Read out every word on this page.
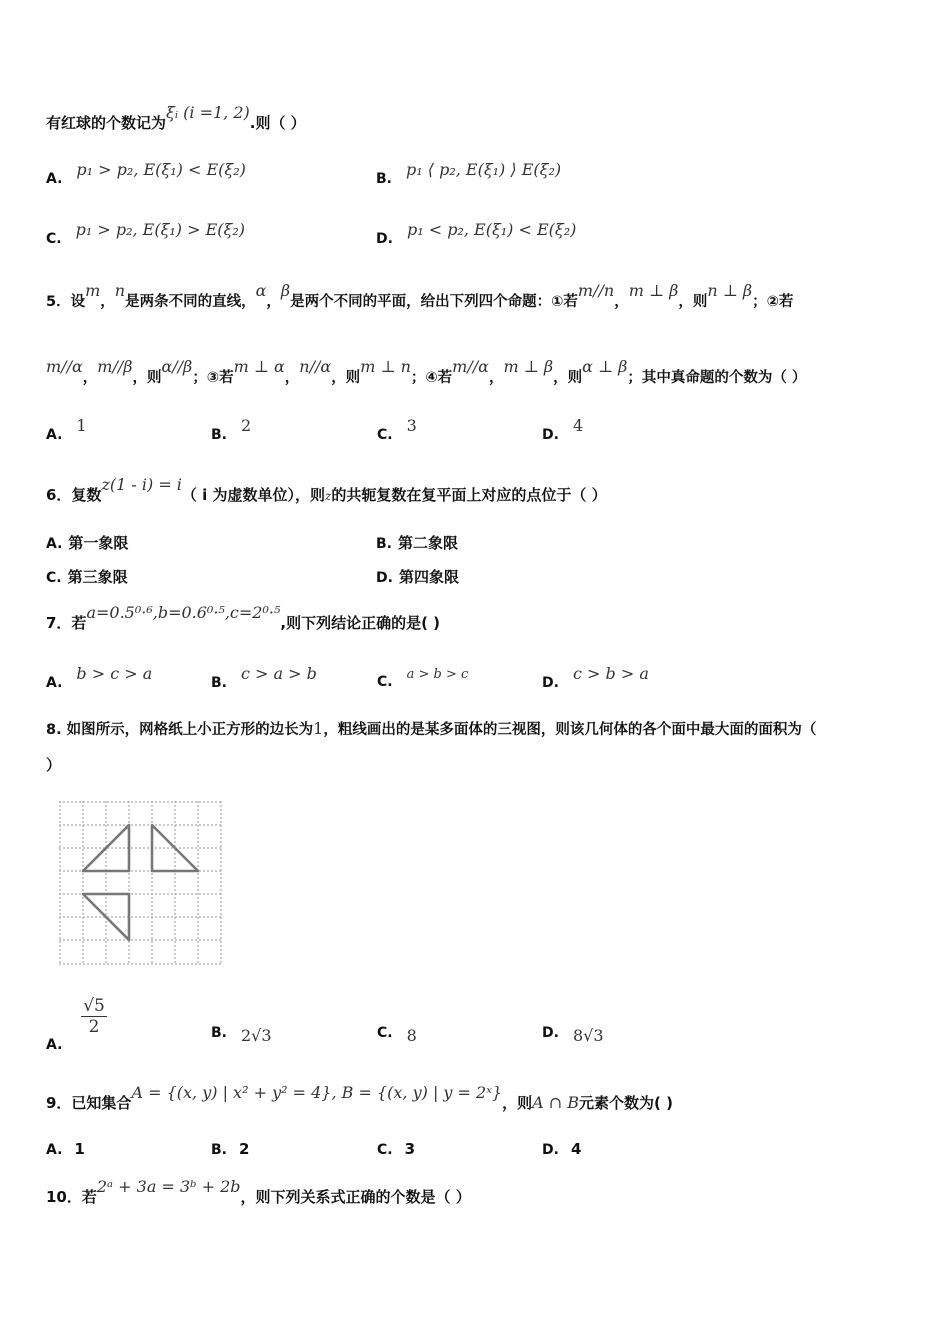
有红球的个数记为ξᵢ (i =1, 2).则（ ）
A. p₁ > p₂, E(ξ₁) < E(ξ₂)	B. p₁ ⟨ p₂, E(ξ₁) ⟩ E(ξ₂)
C. p₁ > p₂, E(ξ₁) > E(ξ₂)	D. p₁ < p₂, E(ξ₁) < E(ξ₂)
5．设m，n是两条不同的直线，α，β是两个不同的平面，给出下列四个命题：①若m//n，m ⊥ β，则n ⊥ β；②若
m//α，m//β，则α//β；③若m ⊥ α，n//α，则m ⊥ n；④若m//α，m ⊥ β，则α ⊥ β；其中真命题的个数为（ ）
A. 1	B. 2	C. 3	D. 4
6．复数z(1 - i) = i（ i 为虚数单位），则z的共轭复数在复平面上对应的点位于（ ）
A. 第一象限	B. 第二象限
C. 第三象限	D. 第四象限
7．若a=0.5⁰·⁶,b=0.6⁰·⁵,c=2⁰·⁵,则下列结论正确的是( )
A. b > c > a	B. c > a > b	C. a > b > c
D. c > b > a
8. 如图所示，网格纸上小正方形的边长为1，粗线画出的是某多面体的三视图，则该几何体的各个面中最大面的面积为（
）
A.
$\frac{√5}{2}$	B. 2√3	C. 8	D. 8√3
9．已知集合A = {(x, y) | x² + y² = 4}, B = {(x, y) | y = 2ˣ}，则A ∩ B元素个数为( )
A. 1	B. 2	C. 3	D. 4
10．若2ᵃ + 3a = 3ᵇ + 2b，则下列关系式正确的个数是（ ）
